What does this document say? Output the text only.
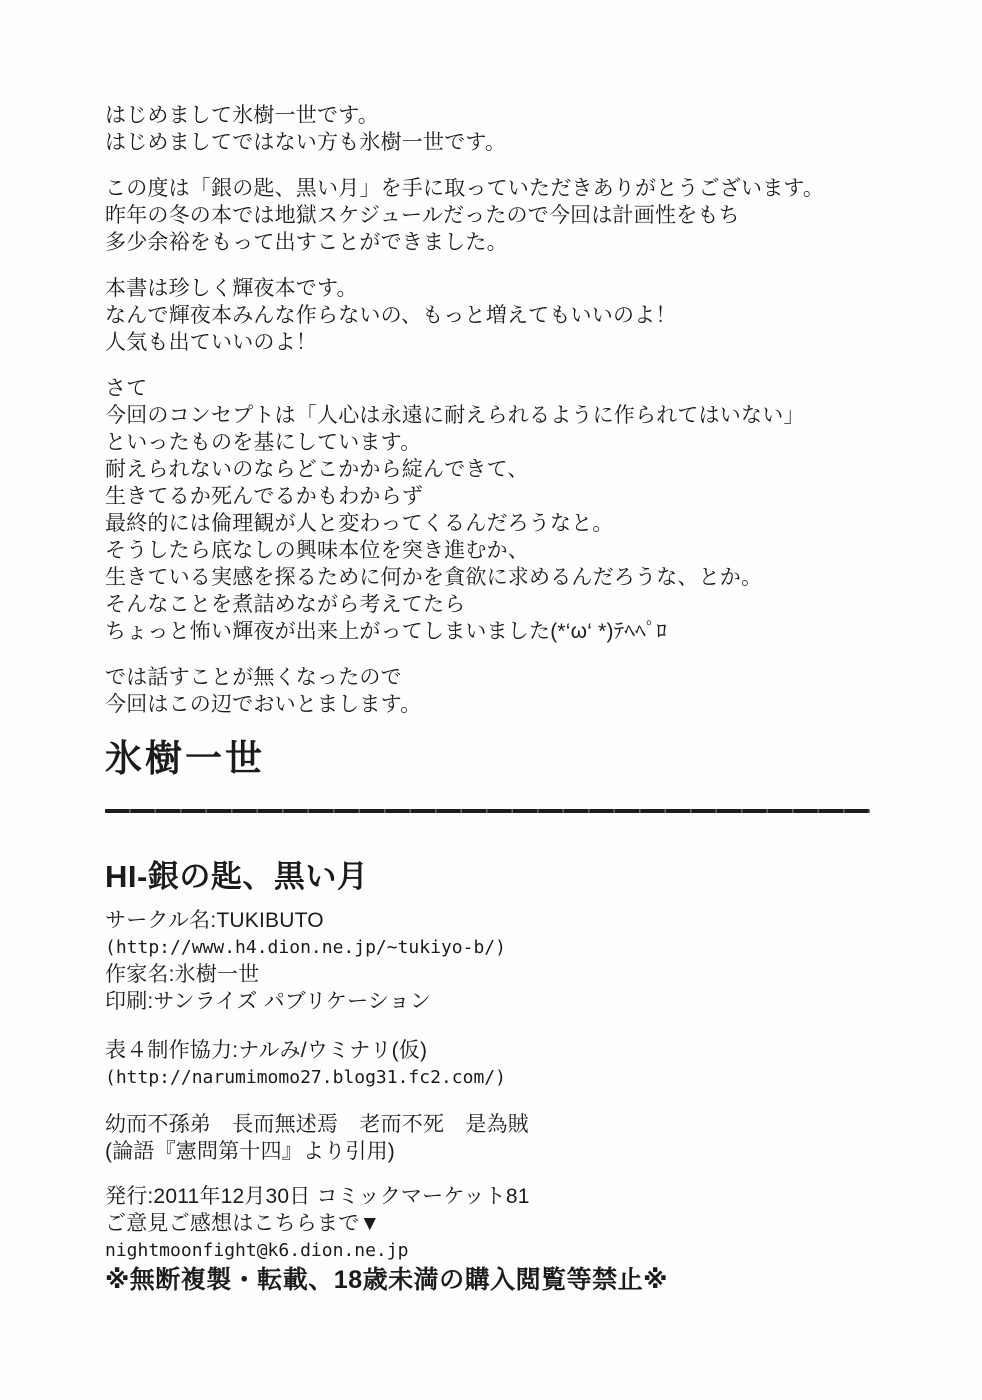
はじめまして氷樹一世です。
はじめましてではない方も氷樹一世です。
この度は「銀の匙、黒い月」を手に取っていただきありがとうございます。
昨年の冬の本では地獄スケジュールだったので今回は計画性をもち
多少余裕をもって出すことができました。
本書は珍しく輝夜本です。
なんで輝夜本みんな作らないの、もっと増えてもいいのよ！
人気も出ていいのよ！
さて
今回のコンセプトは「人心は永遠に耐えられるように作られてはいない」
といったものを基にしています。
耐えられないのならどこかから綻んできて、
生きてるか死んでるかもわからず
最終的には倫理観が人と変わってくるんだろうなと。
そうしたら底なしの興味本位を突き進むか、
生きている実感を探るために何かを貪欲に求めるんだろうな、とか。
そんなことを煮詰めながら考えてたら
ちょっと怖い輝夜が出来上がってしまいました(*‘ω‘ *)ﾃﾍﾍﾟﾛ
では話すことが無くなったので
今回はこの辺でおいとまします。
氷樹一世
HI-銀の匙、黒い月
サークル名:TUKIBUTO
(http://www.h4.dion.ne.jp/~tukiyo-b/)
作家名:氷樹一世
印刷:サンライズ パブリケーション
表４制作協力:ナルみ/ウミナリ(仮)
(http://narumimomo27.blog31.fc2.com/)
幼而不孫弟　長而無述焉　老而不死　是為賊
(論語『憲問第十四』より引用)
発行:2011年12月30日 コミックマーケット81
ご意見ご感想はこちらまで▼
nightmoonfight@k6.dion.ne.jp
※無断複製・転載、18歳未満の購入閲覧等禁止※
